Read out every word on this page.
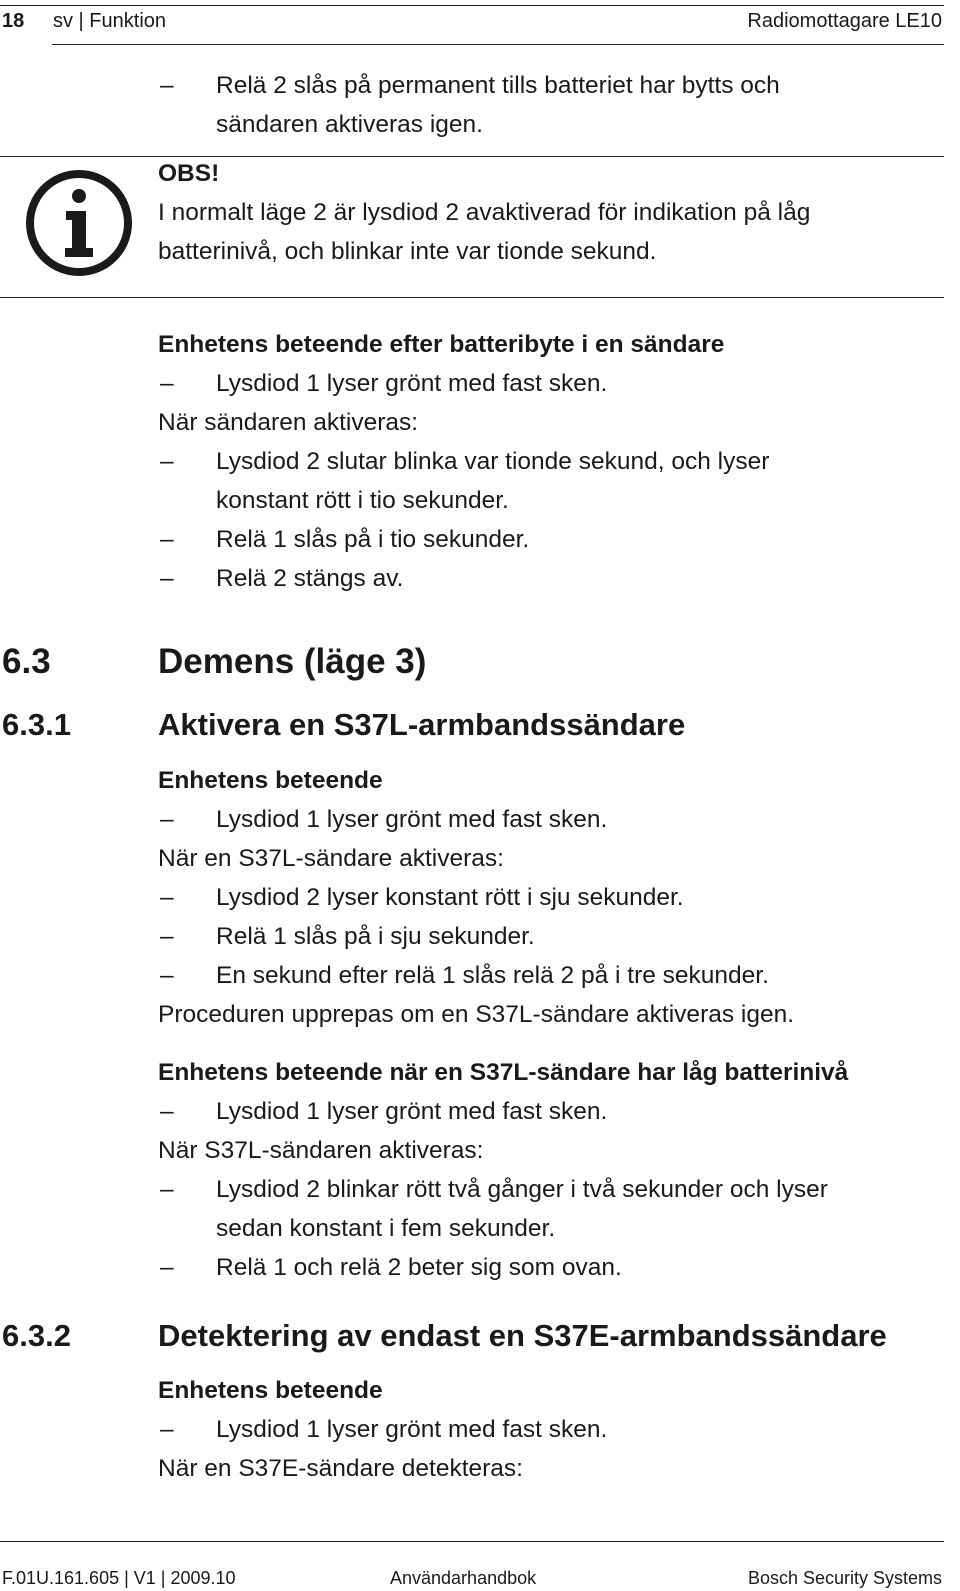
18 sv | Funktion	Radiomottagare LE10
– Relä 2 slås på permanent tills batteriet har bytts och
sändaren aktiveras igen.
OBS!
I normalt läge 2 är lysdiod 2 avaktiverad för indikation på låg
batterinivå, och blinkar inte var tionde sekund.
Enhetens beteende efter batteribyte i en sändare
– Lysdiod 1 lyser grönt med fast sken.
När sändaren aktiveras:
– Lysdiod 2 slutar blinka var tionde sekund, och lyser
konstant rött i tio sekunder.
– Relä 1 slås på i tio sekunder.
– Relä 2 stängs av.
6.3	Demens (läge 3)
6.3.1	Aktivera en S37L-armbandssändare
Enhetens beteende
– Lysdiod 1 lyser grönt med fast sken.
När en S37L-sändare aktiveras:
– Lysdiod 2 lyser konstant rött i sju sekunder.
– Relä 1 slås på i sju sekunder.
– En sekund efter relä 1 slås relä 2 på i tre sekunder.
Proceduren upprepas om en S37L-sändare aktiveras igen.
Enhetens beteende när en S37L-sändare har låg batterinivå
– Lysdiod 1 lyser grönt med fast sken.
När S37L-sändaren aktiveras:
– Lysdiod 2 blinkar rött två gånger i två sekunder och lyser
sedan konstant i fem sekunder.
– Relä 1 och relä 2 beter sig som ovan.
6.3.2	Detektering av endast en S37E-armbandssändare
Enhetens beteende
– Lysdiod 1 lyser grönt med fast sken.
När en S37E-sändare detekteras:
F.01U.161.605 | V1 | 2009.10	Användarhandbok	Bosch Security Systems
